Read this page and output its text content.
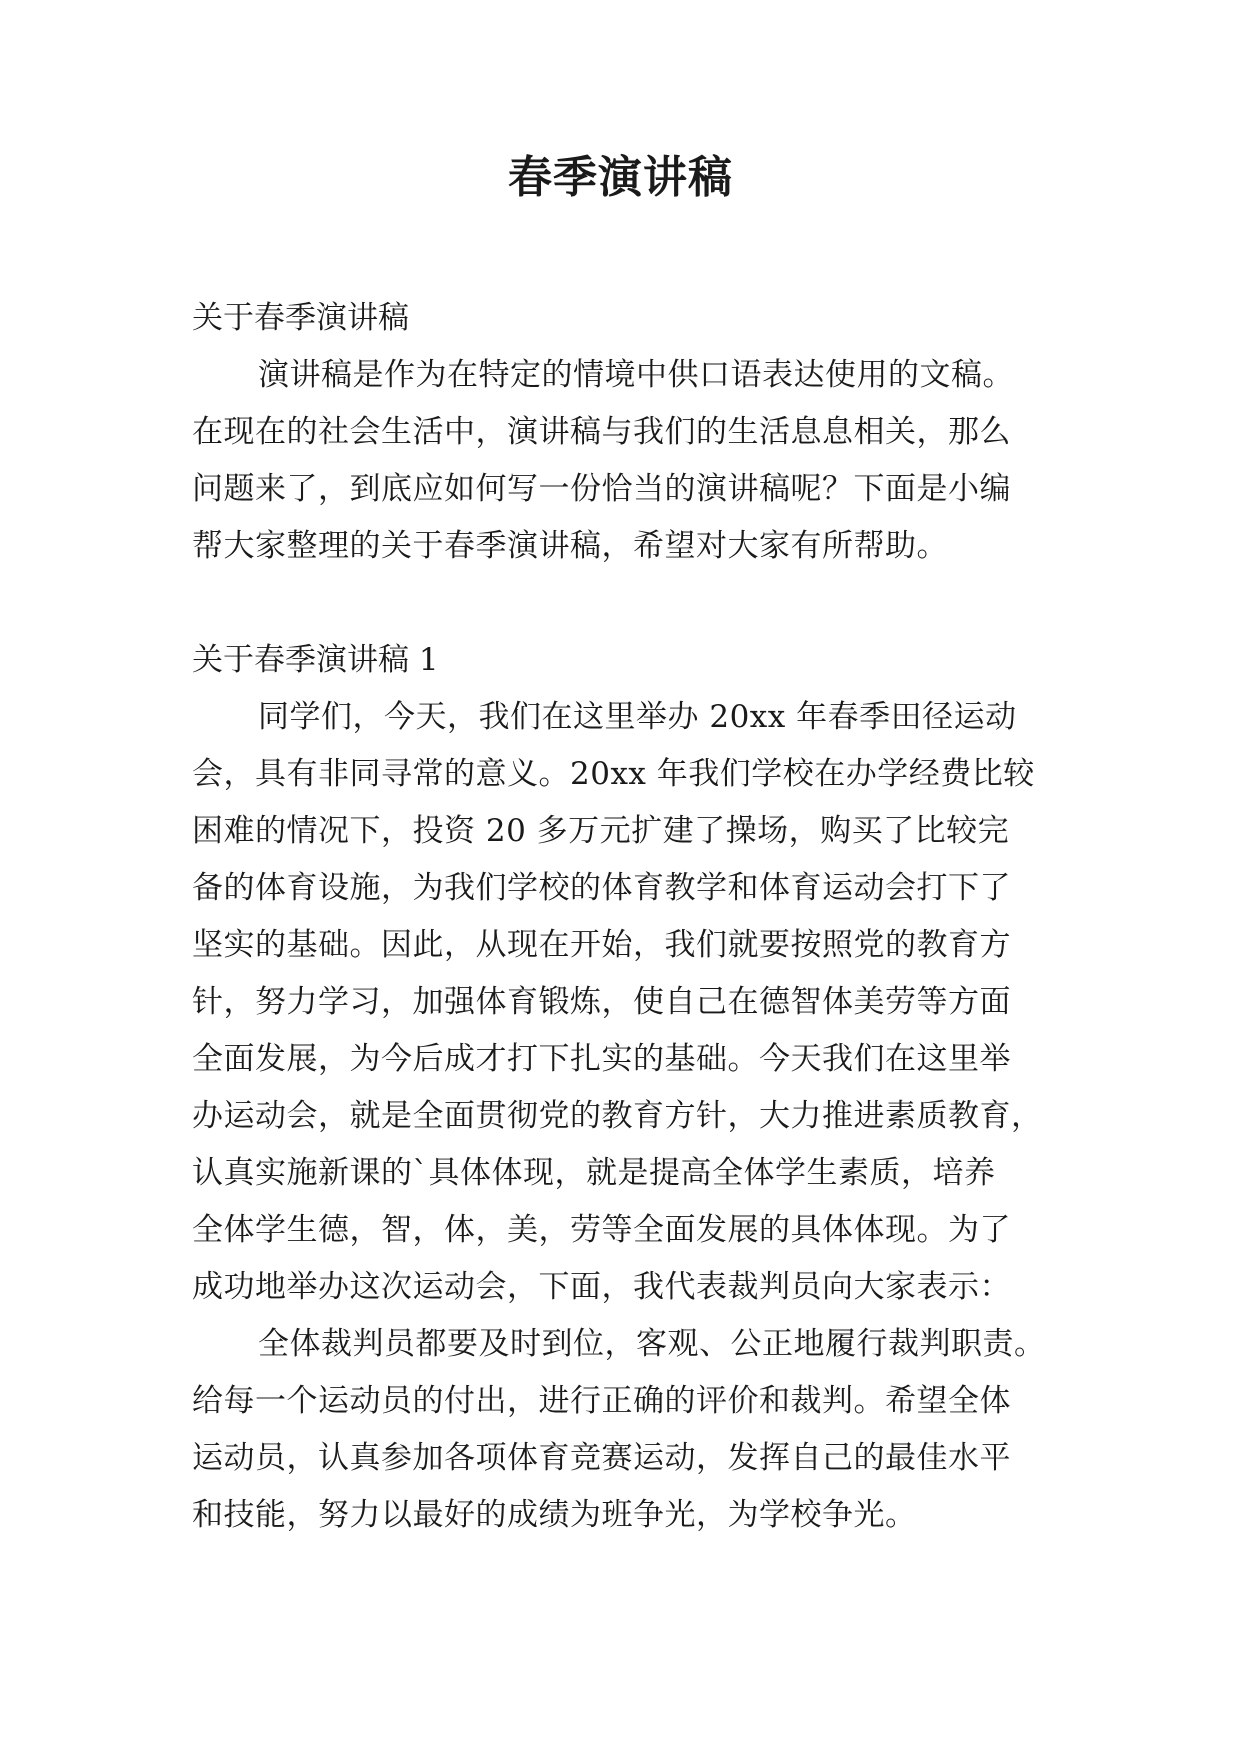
春季演讲稿
关于春季演讲稿
演讲稿是作为在特定的情境中供口语表达使用的文稿。
在现在的社会生活中，演讲稿与我们的生活息息相关，那么
问题来了，到底应如何写一份恰当的演讲稿呢？下面是小编
帮大家整理的关于春季演讲稿，希望对大家有所帮助。
关于春季演讲稿 1
同学们，今天，我们在这里举办 20xx 年春季田径运动
会，具有非同寻常的意义。20xx 年我们学校在办学经费比较
困难的情况下，投资 20 多万元扩建了操场，购买了比较完
备的体育设施，为我们学校的体育教学和体育运动会打下了
坚实的基础。因此，从现在开始，我们就要按照党的教育方
针，努力学习，加强体育锻炼，使自己在德智体美劳等方面
全面发展，为今后成才打下扎实的基础。今天我们在这里举
办运动会，就是全面贯彻党的教育方针，大力推进素质教育，
认真实施新课的`具体体现，就是提高全体学生素质，培养
全体学生德，智，体，美，劳等全面发展的具体体现。为了
成功地举办这次运动会，下面，我代表裁判员向大家表示：
全体裁判员都要及时到位，客观、公正地履行裁判职责。
给每一个运动员的付出，进行正确的评价和裁判。希望全体
运动员，认真参加各项体育竞赛运动，发挥自己的最佳水平
和技能，努力以最好的成绩为班争光，为学校争光。
